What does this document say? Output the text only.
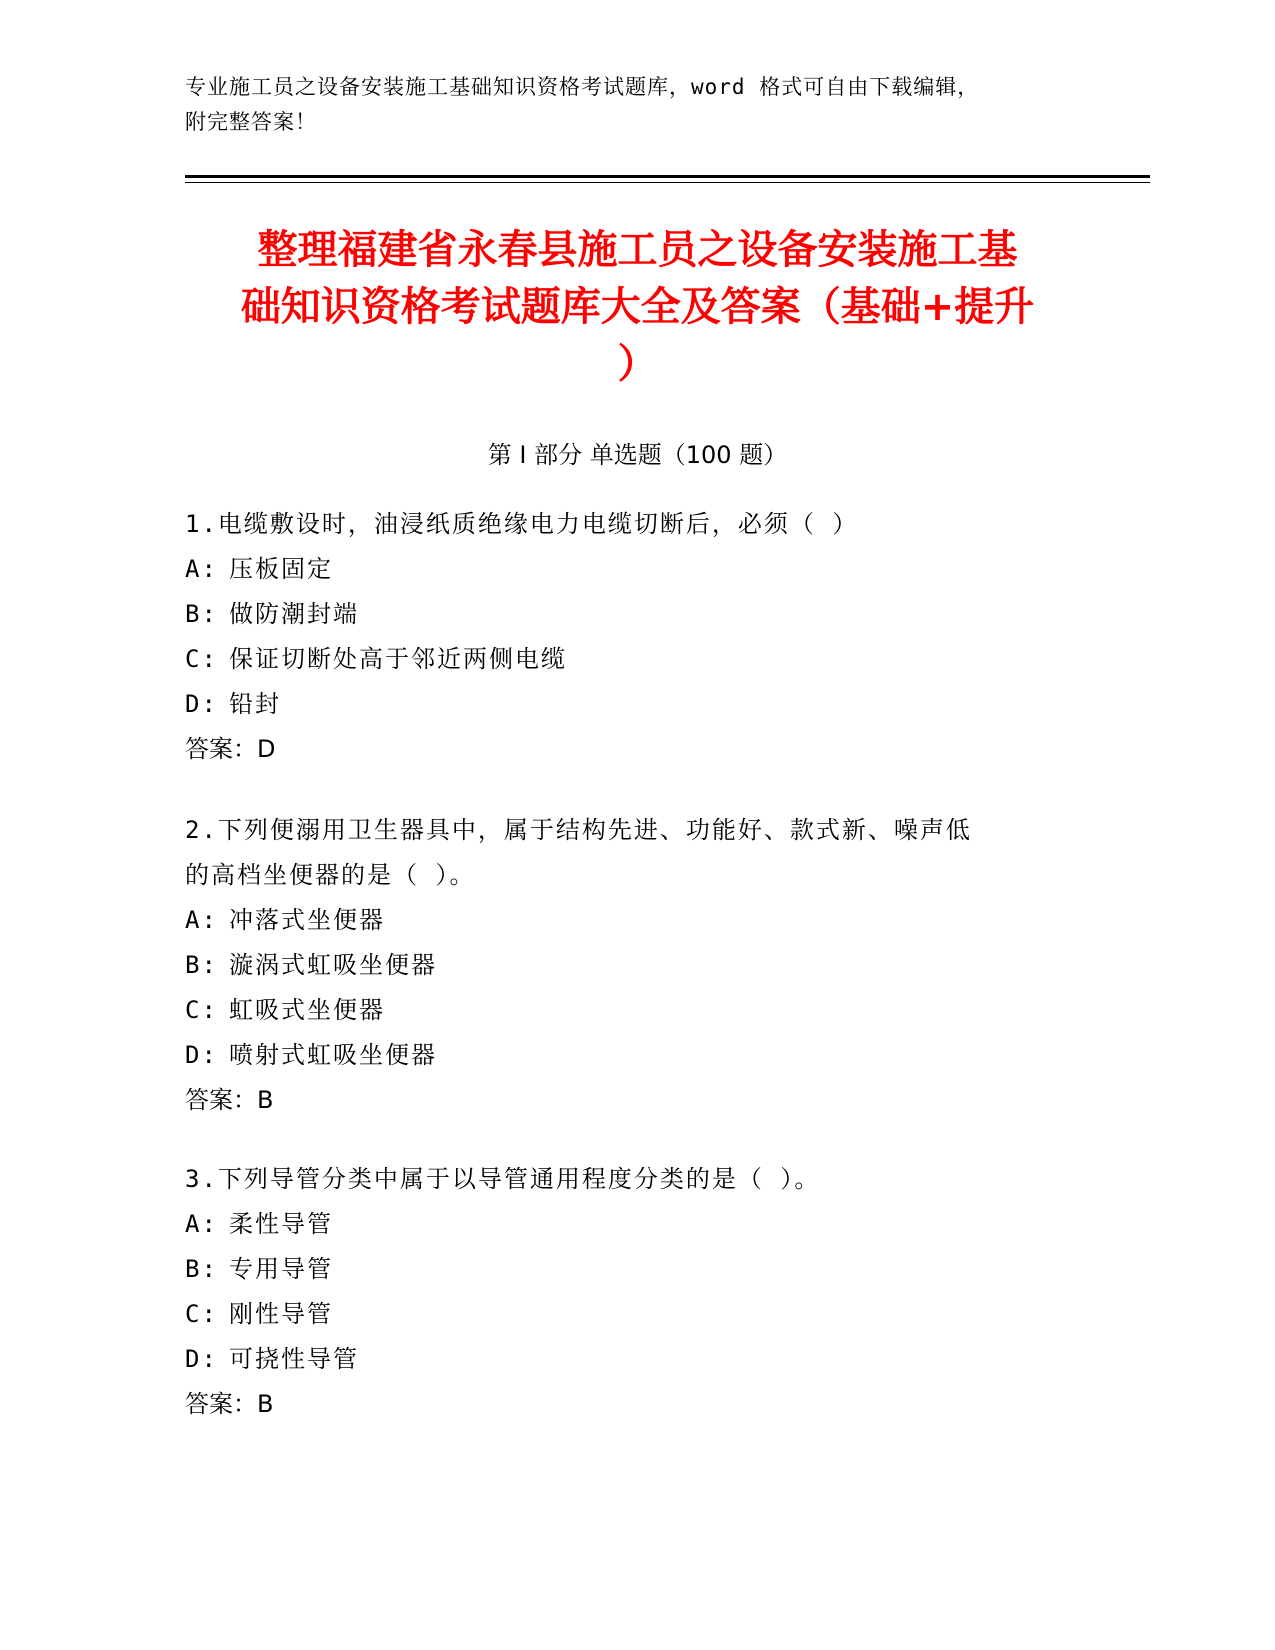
专业施工员之设备安装施工基础知识资格考试题库，word 格式可自由下载编辑，
附完整答案！
整理福建省永春县施工员之设备安装施工基
础知识资格考试题库大全及答案（基础+提升
）
第 I 部分 单选题（100 题）
1.电缆敷设时，油浸纸质绝缘电力电缆切断后，必须（ ）
A: 压板固定
B: 做防潮封端
C: 保证切断处高于邻近两侧电缆
D: 铅封
答案：D
2.下列便溺用卫生器具中，属于结构先进、功能好、款式新、噪声低
的高档坐便器的是（ ）。
A: 冲落式坐便器
B: 漩涡式虹吸坐便器
C: 虹吸式坐便器
D: 喷射式虹吸坐便器
答案：B
3.下列导管分类中属于以导管通用程度分类的是（ ）。
A: 柔性导管
B: 专用导管
C: 刚性导管
D: 可挠性导管
答案：B
